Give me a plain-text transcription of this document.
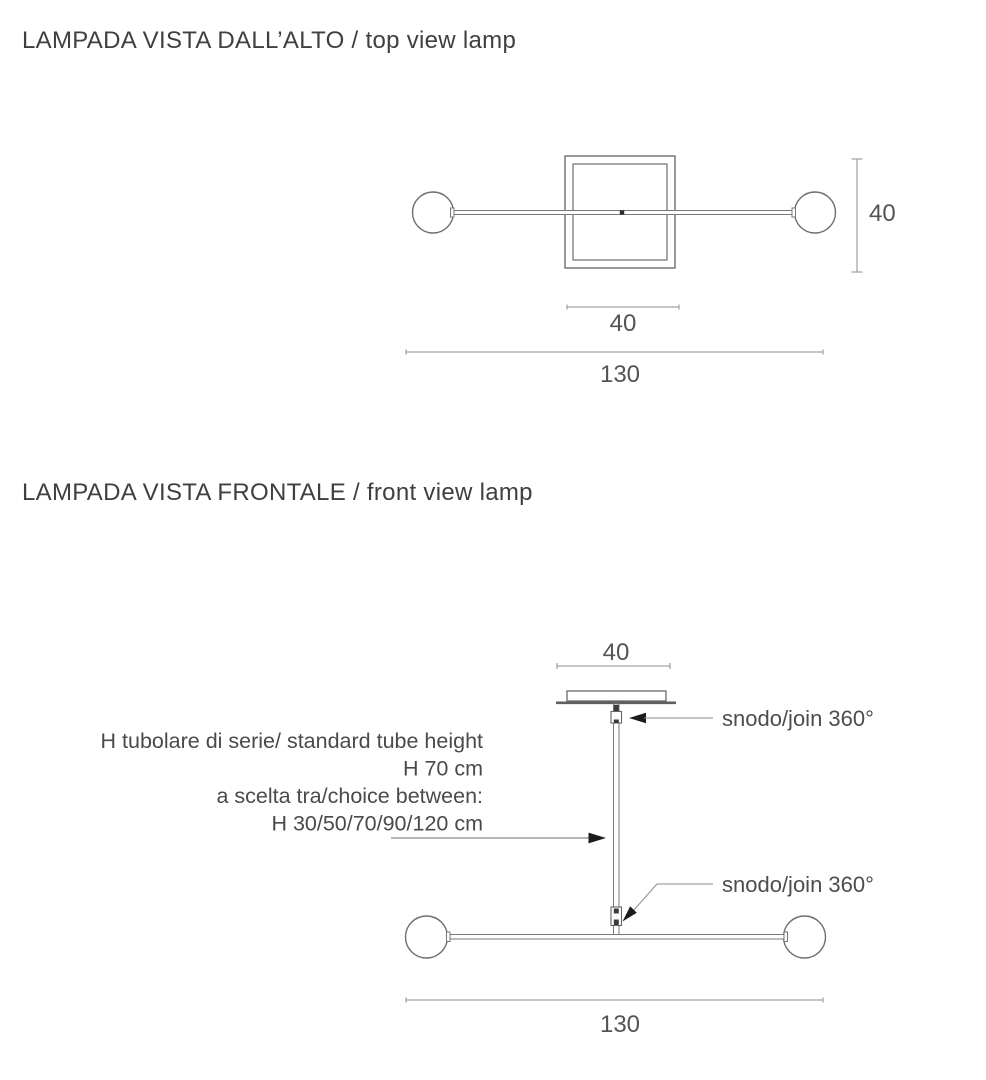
LAMPADA VISTA DALL’ALTO / top view lamp
40
40
130
LAMPADA VISTA FRONTALE / front view lamp
40
snodo/join 360°
H tubolare di serie/ standard tube height
H 70 cm
a scelta tra/choice between:
H 30/50/70/90/120 cm
snodo/join 360°
130
